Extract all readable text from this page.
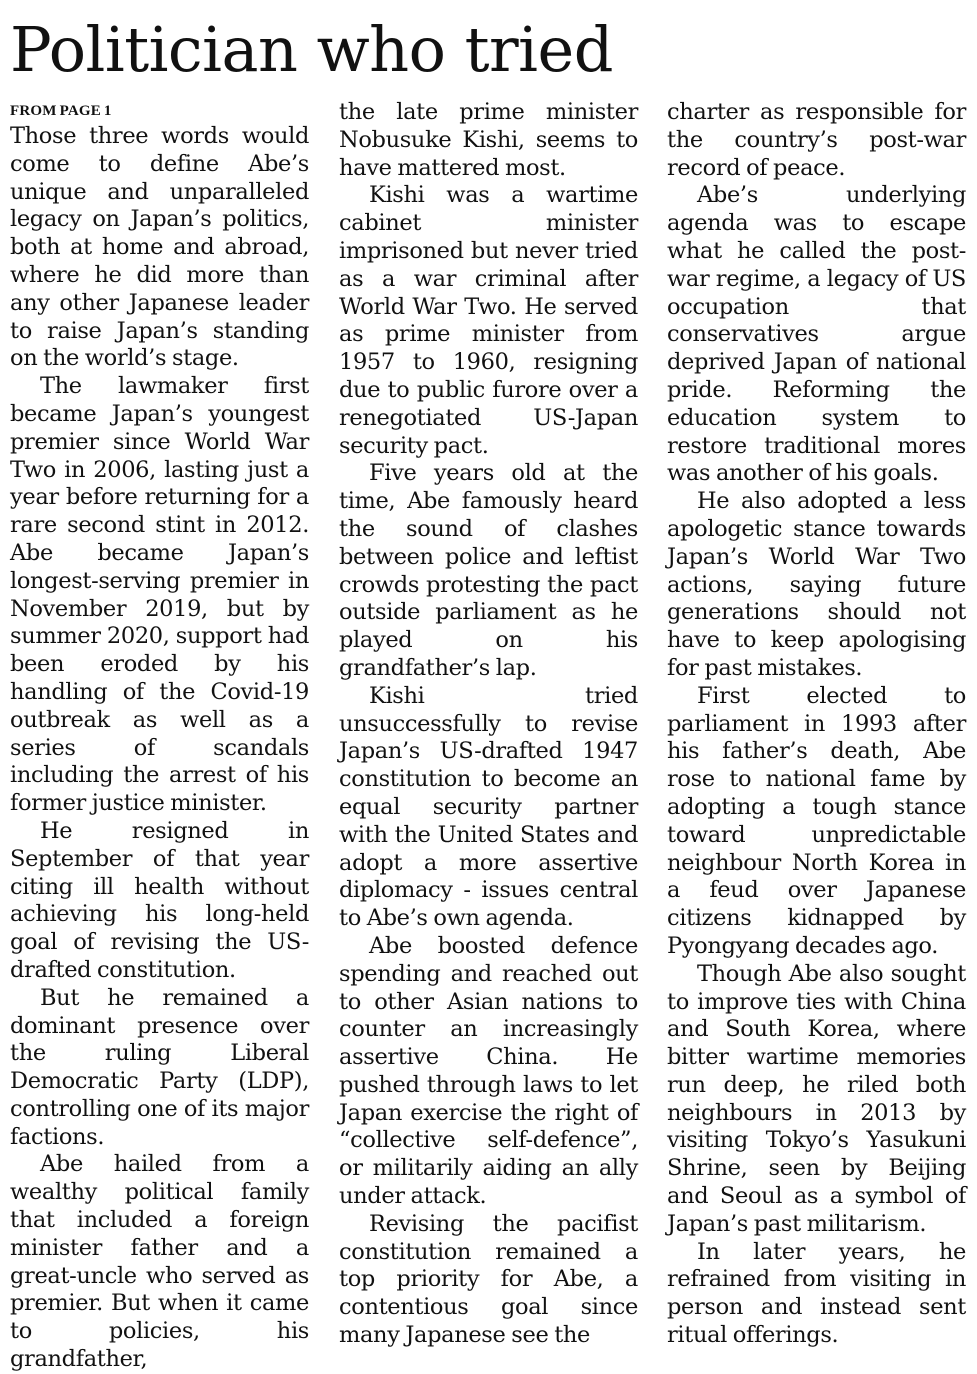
Politician who tried
FROM PAGE 1

Those three words would come to define Abe’s unique and unparalleled legacy on Japan’s politics, both at home and abroad, where he did more than any other Japanese leader to raise Japan’s standing on the world’s stage.

The lawmaker first became Japan’s youngest premier since World War Two in 2006, lasting just a year before returning for a rare second stint in 2012. Abe became Japan’s longest-serving premier in November 2019, but by summer 2020, support had been eroded by his handling of the Covid-19 outbreak as well as a series of scandals including the arrest of his former justice minister.

He resigned in September of that year citing ill health without achieving his long-held goal of revising the US-drafted constitution.

But he remained a dominant presence over the ruling Liberal Democratic Party (LDP), controlling one of its major factions.

Abe hailed from a wealthy political family that included a foreign minister father and a great-uncle who served as premier. But when it came to policies, his grandfather,

the late prime minister Nobusuke Kishi, seems to have mattered most.

Kishi was a wartime cabinet minister imprisoned but never tried as a war criminal after World War Two. He served as prime minister from 1957 to 1960, resigning due to public furore over a renegotiated US-Japan security pact.

Five years old at the time, Abe famously heard the sound of clashes between police and leftist crowds protesting the pact outside parliament as he played on his grandfather’s lap.

Kishi tried unsuccessfully to revise Japan’s US-drafted 1947 constitution to become an equal security partner with the United States and adopt a more assertive diplomacy - issues central to Abe’s own agenda.

Abe boosted defence spending and reached out to other Asian nations to counter an increasingly assertive China. He pushed through laws to let Japan exercise the right of “collective self-defence”, or militarily aiding an ally under attack.

Revising the pacifist constitution remained a top priority for Abe, a contentious goal since many Japanese see the

charter as responsible for the country’s post-war record of peace.

Abe’s underlying agenda was to escape what he called the post-war regime, a legacy of US occupation that conservatives argue deprived Japan of national pride. Reforming the education system to restore traditional mores was another of his goals.

He also adopted a less apologetic stance towards Japan’s World War Two actions, saying future generations should not have to keep apologising for past mistakes.

First elected to parliament in 1993 after his father’s death, Abe rose to national fame by adopting a tough stance toward unpredictable neighbour North Korea in a feud over Japanese citizens kidnapped by Pyongyang decades ago.

Though Abe also sought to improve ties with China and South Korea, where bitter wartime memories run deep, he riled both neighbours in 2013 by visiting Tokyo’s Yasukuni Shrine, seen by Beijing and Seoul as a symbol of Japan’s past militarism.

In later years, he refrained from visiting in person and instead sent ritual offerings.
